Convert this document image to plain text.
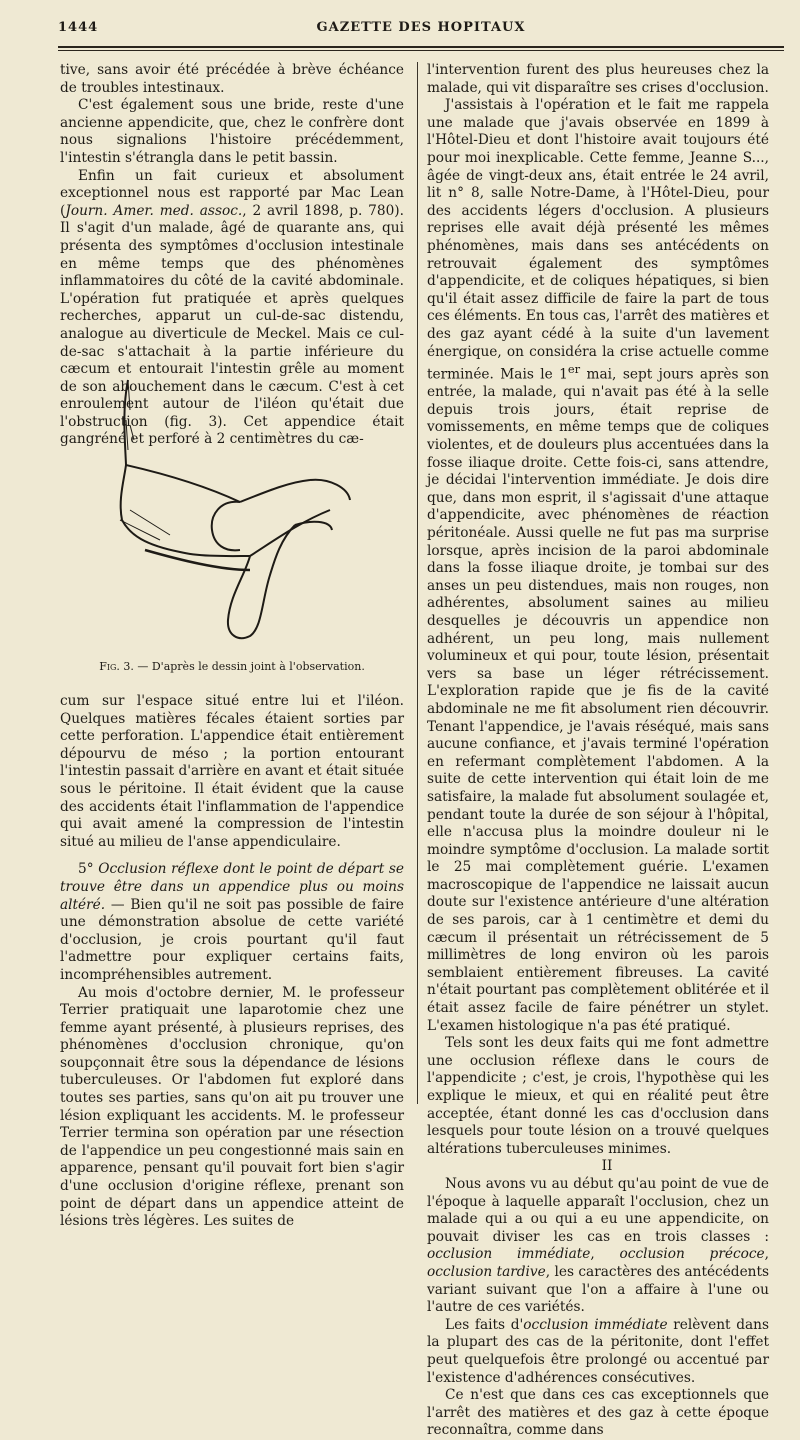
1444	GAZETTE DES HOPITAUX

tive, sans avoir été précédée à brève échéance de troubles intestinaux.

C'est également sous une bride, reste d'une ancienne appendicite, que, chez le confrère dont nous signalions l'histoire précédemment, l'intestin s'étrangla dans le petit bassin.

Enfin un fait curieux et absolument exceptionnel nous est rapporté par Mac Lean (Journ. Amer. med. assoc., 2 avril 1898, p. 780). Il s'agit d'un malade, âgé de quarante ans, qui présenta des symptômes d'occlusion intestinale en même temps que des phénomènes inflammatoires du côté de la cavité abdominale. L'opération fut pratiquée et après quelques recherches, apparut un cul-de-sac distendu, analogue au diverticule de Meckel. Mais ce cul-de-sac s'attachait à la partie inférieure du cæcum et entourait l'intestin grêle au moment de son abouchement dans le cæcum. C'est à cet enroulement autour de l'iléon qu'était due l'obstruction (fig. 3). Cet appendice était gangréné et perforé à 2 centimètres du cæ-

Fig. 3. — D'après le dessin joint à l'observation.

cum sur l'espace situé entre lui et l'iléon. Quelques matières fécales étaient sorties par cette perforation. L'appendice était entièrement dépourvu de méso ; la portion entourant l'intestin passait d'arrière en avant et était située sous le péritoine. Il était évident que la cause des accidents était l'inflammation de l'appendice qui avait amené la compression de l'intestin situé au milieu de l'anse appendiculaire.

5° Occlusion réflexe dont le point de départ se trouve être dans un appendice plus ou moins altéré. — Bien qu'il ne soit pas possible de faire une démonstration absolue de cette variété d'occlusion, je crois pourtant qu'il faut l'admettre pour expliquer certains faits, incompréhensibles autrement.

Au mois d'octobre dernier, M. le professeur Terrier pratiquait une laparotomie chez une femme ayant présenté, à plusieurs reprises, des phénomènes d'occlusion chronique, qu'on soupçonnait être sous la dépendance de lésions tuberculeuses. Or l'abdomen fut exploré dans toutes ses parties, sans qu'on ait pu trouver une lésion expliquant les accidents. M. le professeur Terrier termina son opération par une résection de l'appendice un peu congestionné mais sain en apparence, pensant qu'il pouvait fort bien s'agir d'une occlusion d'origine réflexe, prenant son point de départ dans un appendice atteint de lésions très légères. Les suites de

l'intervention furent des plus heureuses chez la malade, qui vit disparaître ses crises d'occlusion.

J'assistais à l'opération et le fait me rappela une malade que j'avais observée en 1899 à l'Hôtel-Dieu et dont l'histoire avait toujours été pour moi inexplicable. Cette femme, Jeanne S..., âgée de vingt-deux ans, était entrée le 24 avril, lit n° 8, salle Notre-Dame, à l'Hôtel-Dieu, pour des accidents légers d'occlusion. A plusieurs reprises elle avait déjà présenté les mêmes phénomènes, mais dans ses antécédents on retrouvait également des symptômes d'appendicite, et de coliques hépatiques, si bien qu'il était assez difficile de faire la part de tous ces éléments. En tous cas, l'arrêt des matières et des gaz ayant cédé à la suite d'un lavement énergique, on considéra la crise actuelle comme terminée. Mais le 1er mai, sept jours après son entrée, la malade, qui n'avait pas été à la selle depuis trois jours, était reprise de vomissements, en même temps que de coliques violentes, et de douleurs plus accentuées dans la fosse iliaque droite. Cette fois-ci, sans attendre, je décidai l'intervention immédiate. Je dois dire que, dans mon esprit, il s'agissait d'une attaque d'appendicite, avec phénomènes de réaction péritonéale. Aussi quelle ne fut pas ma surprise lorsque, après incision de la paroi abdominale dans la fosse iliaque droite, je tombai sur des anses un peu distendues, mais non rouges, non adhérentes, absolument saines au milieu desquelles je découvris un appendice non adhérent, un peu long, mais nullement volumineux et qui pour, toute lésion, présentait vers sa base un léger rétrécissement. L'exploration rapide que je fis de la cavité abdominale ne me fit absolument rien découvrir. Tenant l'appendice, je l'avais réséqué, mais sans aucune confiance, et j'avais terminé l'opération en refermant complètement l'abdomen. A la suite de cette intervention qui était loin de me satisfaire, la malade fut absolument soulagée et, pendant toute la durée de son séjour à l'hôpital, elle n'accusa plus la moindre douleur ni le moindre symptôme d'occlusion. La malade sortit le 25 mai complètement guérie. L'examen macroscopique de l'appendice ne laissait aucun doute sur l'existence antérieure d'une altération de ses parois, car à 1 centimètre et demi du cæcum il présentait un rétrécissement de 5 millimètres de long environ où les parois semblaient entièrement fibreuses. La cavité n'était pourtant pas complètement oblitérée et il était assez facile de faire pénétrer un stylet. L'examen histologique n'a pas été pratiqué.

Tels sont les deux faits qui me font admettre une occlusion réflexe dans le cours de l'appendicite ; c'est, je crois, l'hypothèse qui les explique le mieux, et qui en réalité peut être acceptée, étant donné les cas d'occlusion dans lesquels pour toute lésion on a trouvé quelques altérations tuberculeuses minimes.

II

Nous avons vu au début qu'au point de vue de l'époque à laquelle apparaît l'occlusion, chez un malade qui a ou qui a eu une appendicite, on pouvait diviser les cas en trois classes : occlusion immédiate, occlusion précoce, occlusion tardive, les caractères des antécédents variant suivant que l'on a affaire à l'une ou l'autre de ces variétés.

Les faits d'occlusion immédiate relèvent dans la plupart des cas de la péritonite, dont l'effet peut quelquefois être prolongé ou accentué par l'existence d'adhérences consécutives.

Ce n'est que dans ces cas exceptionnels que l'arrêt des matières et des gaz à cette époque reconnaîtra, comme dans
